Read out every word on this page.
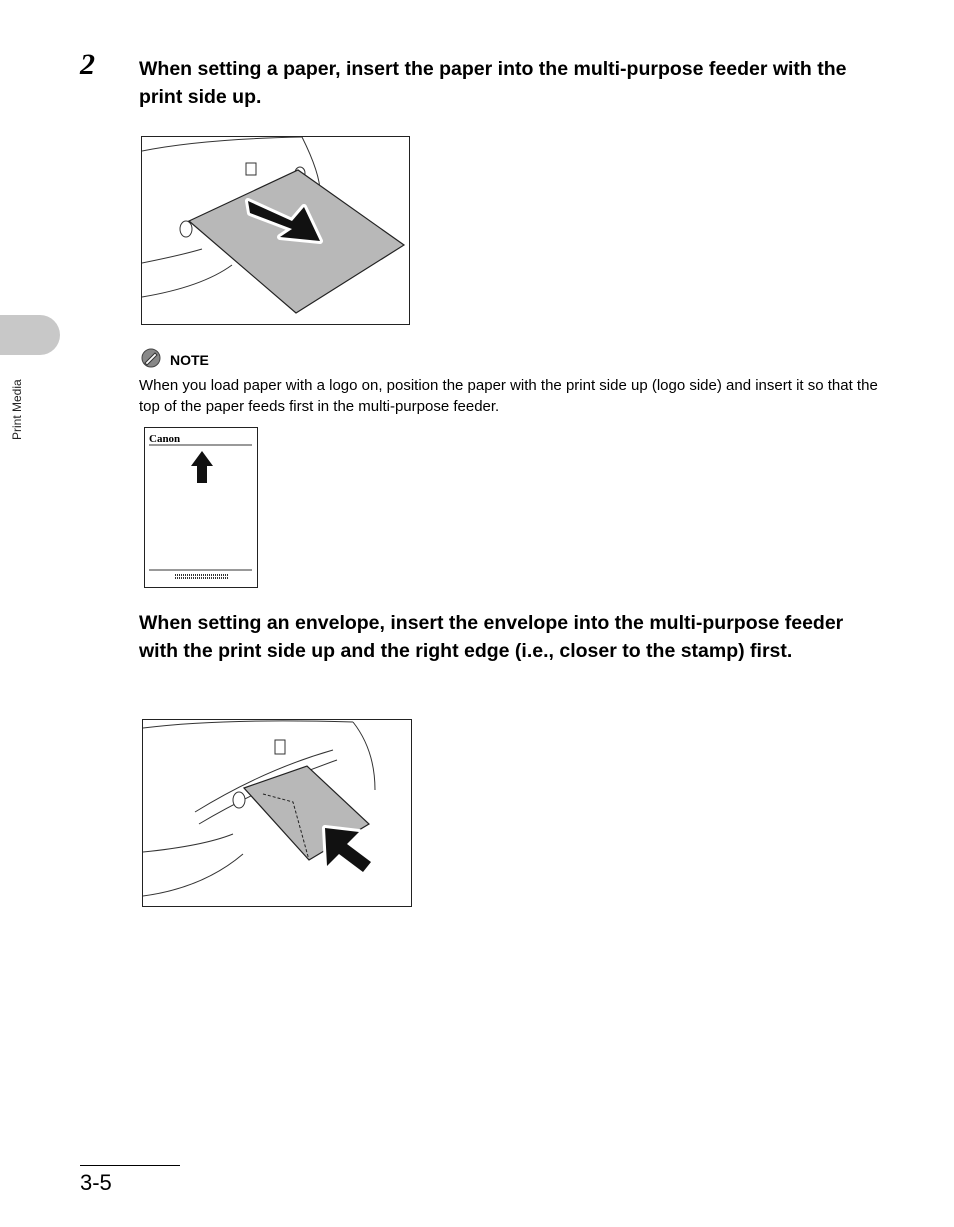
2 When setting a paper, insert the paper into the multi-purpose feeder with the print side up.
NOTE
When you load paper with a logo on, position the paper with the print side up (logo side) and insert it so that the top of the paper feeds first in the multi-purpose feeder.
Canon
When setting an envelope, insert the envelope into the multi-purpose feeder with the print side up and the right edge (i.e., closer to the stamp) first.
Print Media
3-5
